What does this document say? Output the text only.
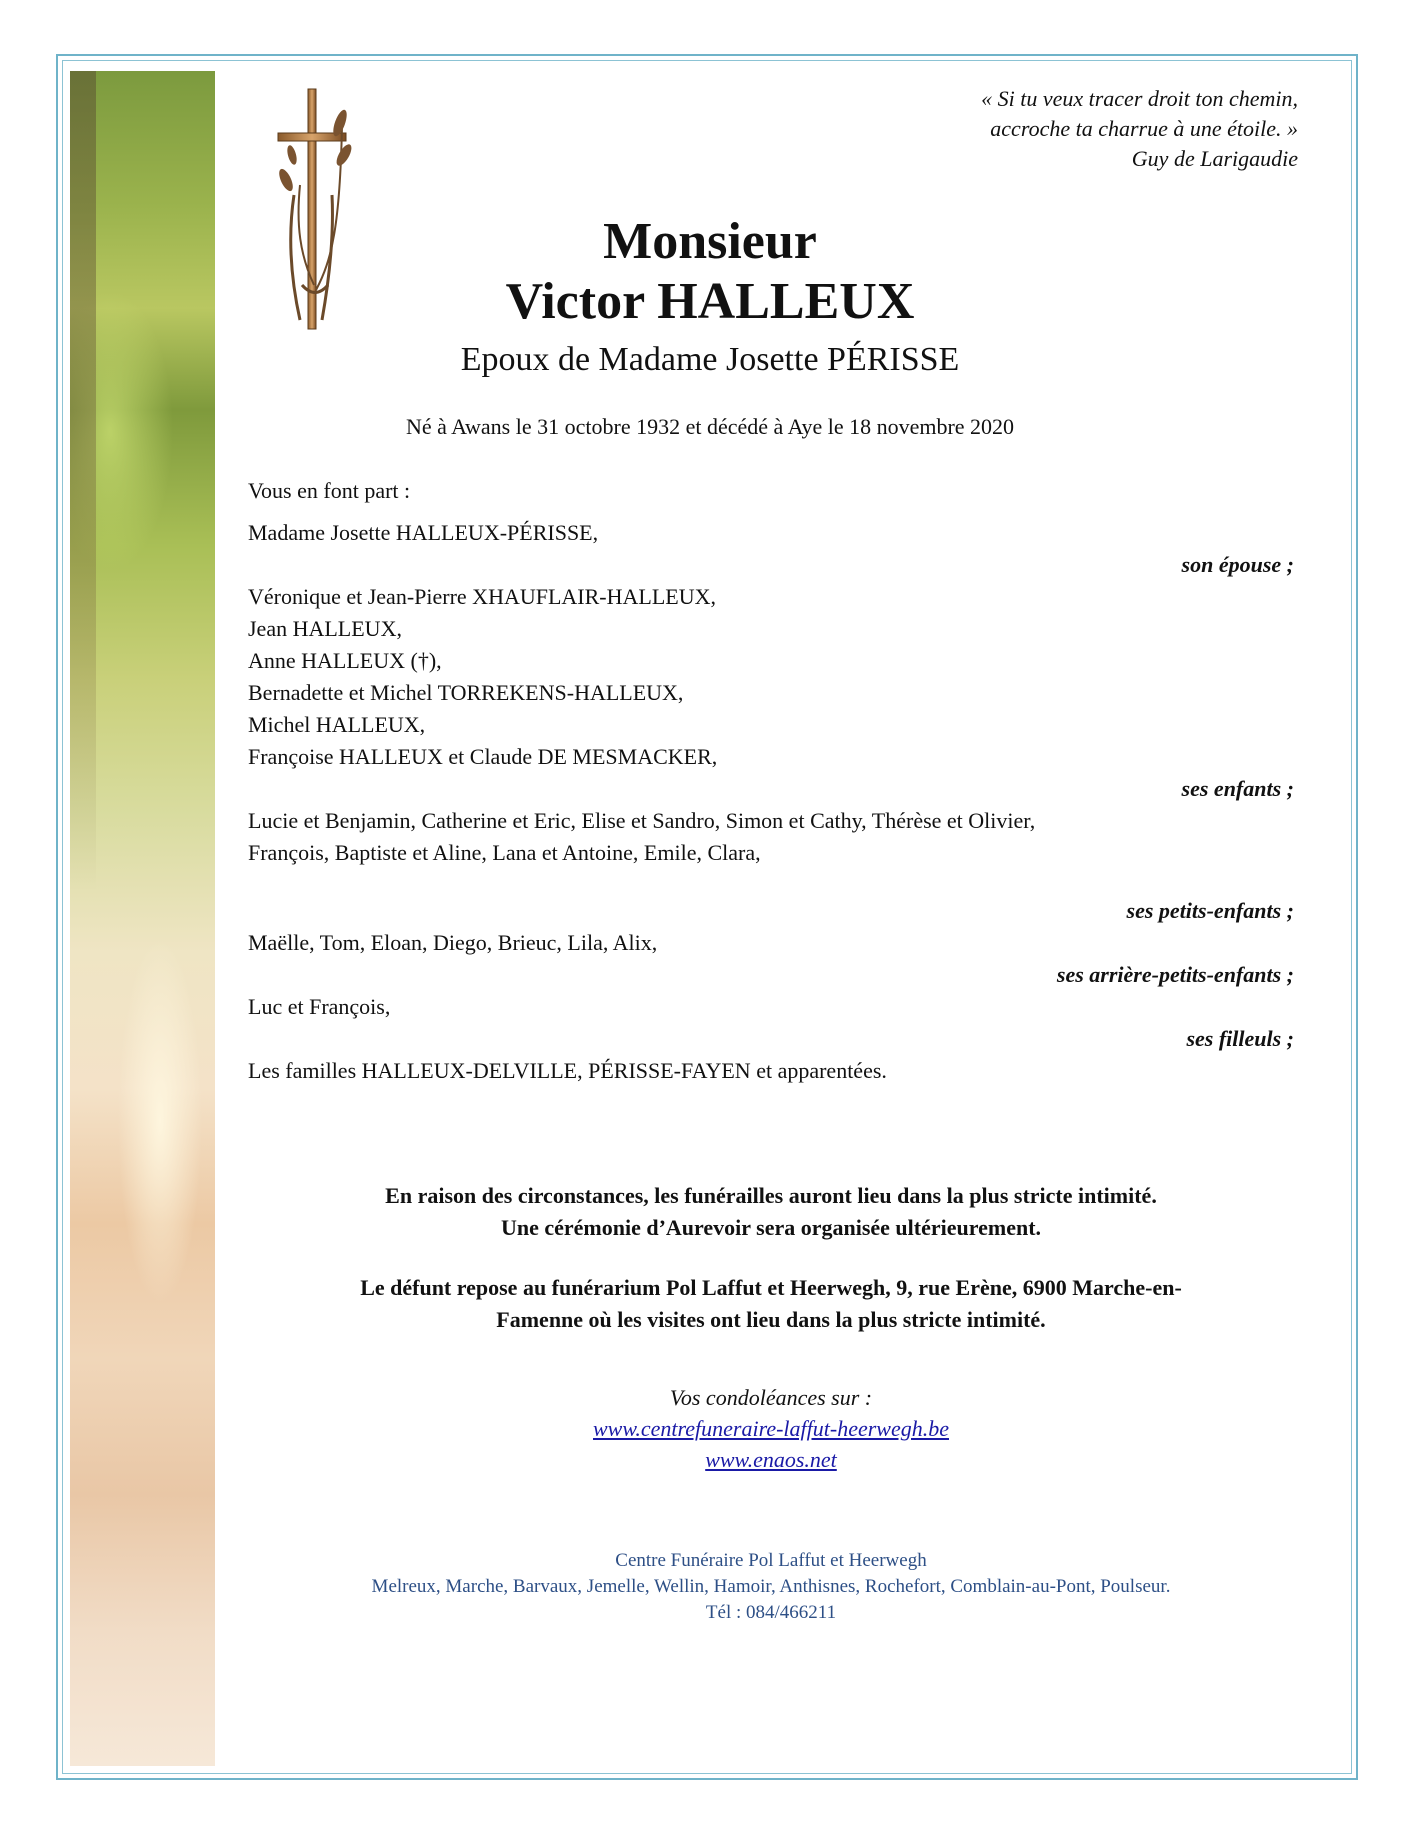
« Si tu veux tracer droit ton chemin,
accroche ta charrue à une étoile. »
Guy de Larigaudie
Monsieur
Victor HALLEUX
Epoux de Madame Josette PÉRISSE
Né à Awans le 31 octobre 1932 et décédé à Aye le 18 novembre 2020
Vous en font part :
Madame Josette HALLEUX-PÉRISSE,
son épouse ;
Véronique et Jean-Pierre XHAUFLAIR-HALLEUX,
Jean HALLEUX,
Anne HALLEUX (†),
Bernadette et Michel TORREKENS-HALLEUX,
Michel HALLEUX,
Françoise HALLEUX et Claude DE MESMACKER,
ses enfants ;
Lucie et Benjamin, Catherine et Eric, Elise et Sandro, Simon et Cathy, Thérèse et Olivier,
François, Baptiste et Aline, Lana et Antoine, Emile, Clara,
ses petits-enfants ;
Maëlle, Tom, Eloan, Diego, Brieuc, Lila, Alix,
ses arrière-petits-enfants ;
Luc et François,
ses filleuls ;
Les familles HALLEUX-DELVILLE, PÉRISSE-FAYEN et apparentées.
En raison des circonstances, les funérailles auront lieu dans la plus stricte intimité.
Une cérémonie d’Aurevoir sera organisée ultérieurement.
Le défunt repose au funérarium Pol Laffut et Heerwegh, 9, rue Erène, 6900 Marche-en-
Famenne où les visites ont lieu dans la plus stricte intimité.
Vos condoléances sur :
www.centrefuneraire-laffut-heerwegh.be
www.enaos.net
Centre Funéraire Pol Laffut et Heerwegh
Melreux, Marche, Barvaux, Jemelle, Wellin, Hamoir, Anthisnes, Rochefort, Comblain-au-Pont, Poulseur.
Tél : 084/466211
